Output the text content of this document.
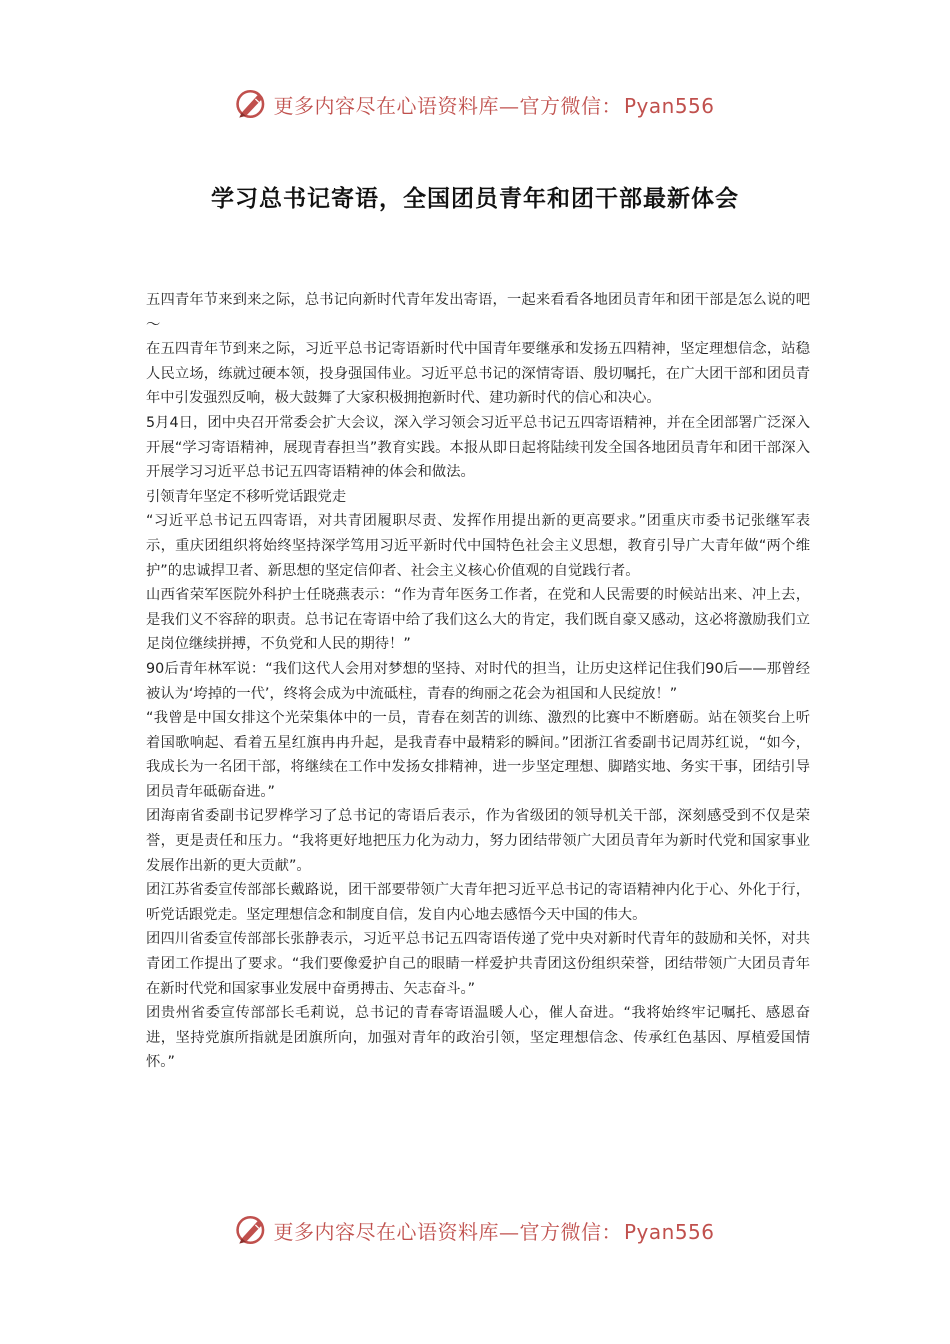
更多内容尽在心语资料库—官方微信： Pyan556
学习总书记寄语，全国团员青年和团干部最新体会

五四青年节来到来之际，总书记向新时代青年发出寄语，一起来看看各地团员青年和团干部是怎么说的吧～

在五四青年节到来之际，习近平总书记寄语新时代中国青年要继承和发扬五四精神，坚定理想信念，站稳人民立场，练就过硬本领，投身强国伟业。习近平总书记的深情寄语、殷切嘱托，在广大团干部和团员青年中引发强烈反响，极大鼓舞了大家积极拥抱新时代、建功新时代的信心和决心。

5月4日，团中央召开常委会扩大会议，深入学习领会习近平总书记五四寄语精神，并在全团部署广泛深入开展“学习寄语精神，展现青春担当”教育实践。本报从即日起将陆续刊发全国各地团员青年和团干部深入开展学习习近平总书记五四寄语精神的体会和做法。

引领青年坚定不移听党话跟党走

“习近平总书记五四寄语，对共青团履职尽责、发挥作用提出新的更高要求。”团重庆市委书记张继军表示，重庆团组织将始终坚持深学笃用习近平新时代中国特色社会主义思想，教育引导广大青年做“两个维护”的忠诚捍卫者、新思想的坚定信仰者、社会主义核心价值观的自觉践行者。

山西省荣军医院外科护士任晓燕表示：“作为青年医务工作者，在党和人民需要的时候站出来、冲上去，是我们义不容辞的职责。总书记在寄语中给了我们这么大的肯定，我们既自豪又感动，这必将激励我们立足岗位继续拼搏，不负党和人民的期待！”

90后青年林军说：“我们这代人会用对梦想的坚持、对时代的担当，让历史这样记住我们90后——那曾经被认为‘垮掉的一代’，终将会成为中流砥柱，青春的绚丽之花会为祖国和人民绽放！”

“我曾是中国女排这个光荣集体中的一员，青春在刻苦的训练、激烈的比赛中不断磨砺。站在领奖台上听着国歌响起、看着五星红旗冉冉升起，是我青春中最精彩的瞬间。”团浙江省委副书记周苏红说，“如今，我成长为一名团干部，将继续在工作中发扬女排精神，进一步坚定理想、脚踏实地、务实干事，团结引导团员青年砥砺奋进。”

团海南省委副书记罗桦学习了总书记的寄语后表示，作为省级团的领导机关干部，深刻感受到不仅是荣誉，更是责任和压力。“我将更好地把压力化为动力，努力团结带领广大团员青年为新时代党和国家事业发展作出新的更大贡献”。

团江苏省委宣传部部长戴路说，团干部要带领广大青年把习近平总书记的寄语精神内化于心、外化于行，听党话跟党走。坚定理想信念和制度自信，发自内心地去感悟今天中国的伟大。

团四川省委宣传部部长张静表示，习近平总书记五四寄语传递了党中央对新时代青年的鼓励和关怀，对共青团工作提出了要求。“我们要像爱护自己的眼睛一样爱护共青团这份组织荣誉，团结带领广大团员青年在新时代党和国家事业发展中奋勇搏击、矢志奋斗。”

团贵州省委宣传部部长毛莉说，总书记的青春寄语温暖人心，催人奋进。“我将始终牢记嘱托、感恩奋进，坚持党旗所指就是团旗所向，加强对青年的政治引领，坚定理想信念、传承红色基因、厚植爱国情怀。”

更多内容尽在心语资料库—官方微信： Pyan556
